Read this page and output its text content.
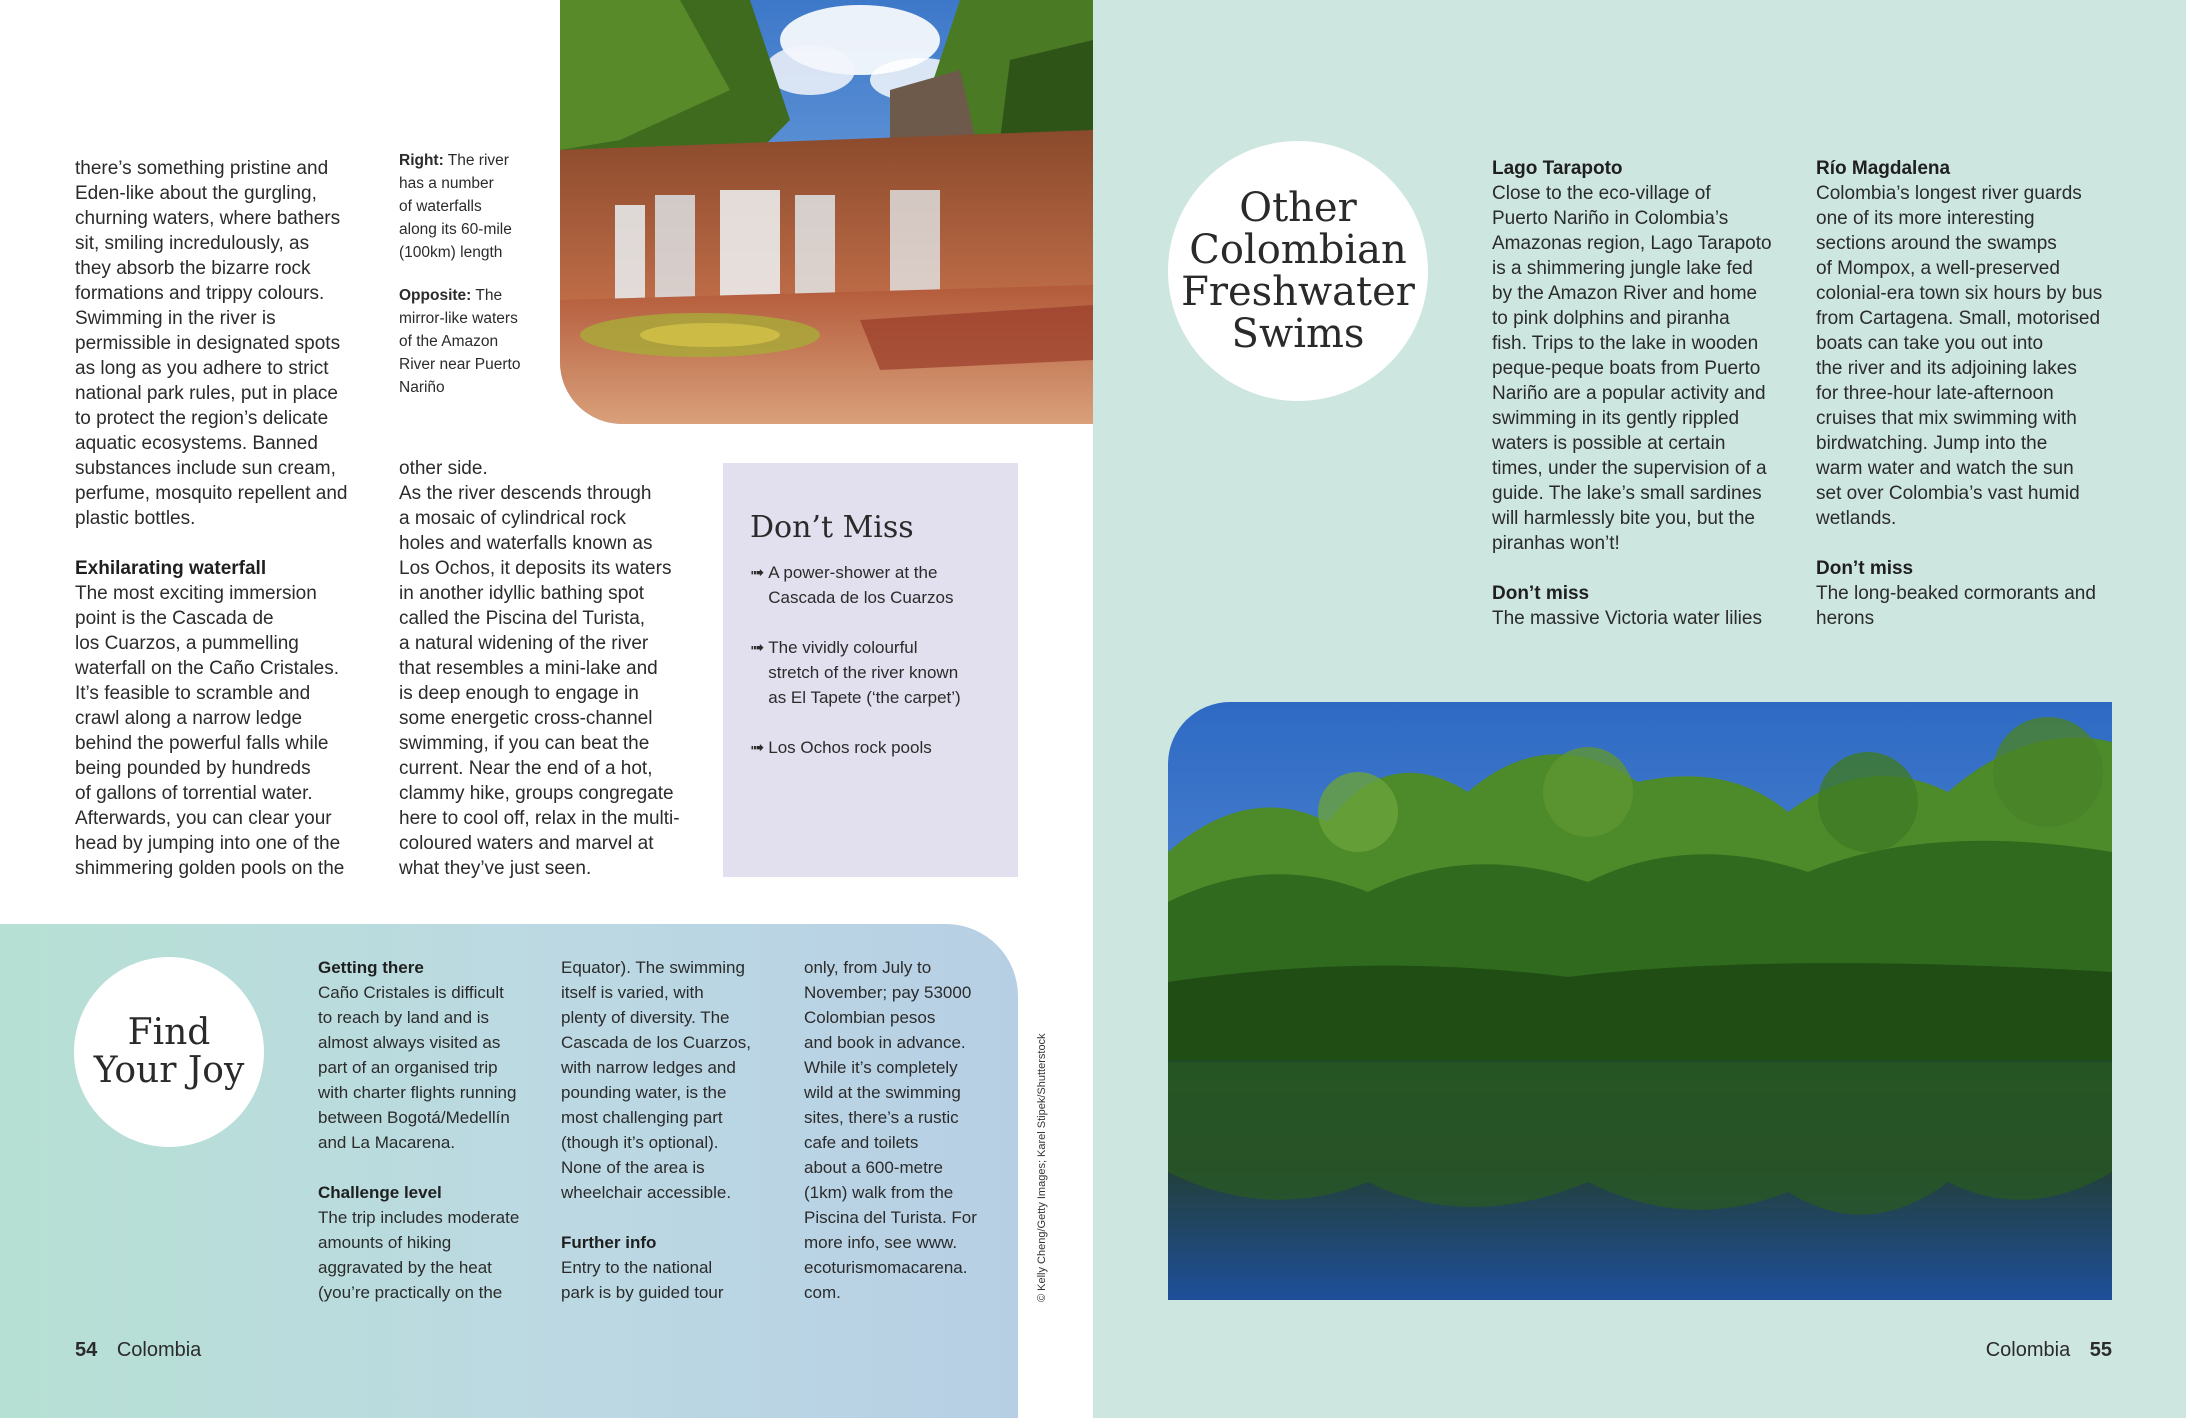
there’s something pristine and
Eden-like about the gurgling,
churning waters, where bathers
sit, smiling incredulously, as
they absorb the bizarre rock
formations and trippy colours.
Swimming in the river is
permissible in designated spots
as long as you adhere to strict
national park rules, put in place
to protect the region’s delicate
aquatic ecosystems. Banned
substances include sun cream,
perfume, mosquito repellent and
plastic bottles.

Exhilarating waterfall

The most exciting immersion
point is the Cascada de
los Cuarzos, a pummelling
waterfall on the Caño Cristales.
It’s feasible to scramble and
crawl along a narrow ledge
behind the powerful falls while
being pounded by hundreds
of gallons of torrential water.
Afterwards, you can clear your
head by jumping into one of the
shimmering golden pools on the

Right: The river
has a number
of waterfalls
along its 60-mile
(100km) length

Opposite: The
mirror-like waters
of the Amazon
River near Puerto
Nariño

other side.
As the river descends through
a mosaic of cylindrical rock
holes and waterfalls known as
Los Ochos, it deposits its waters
in another idyllic bathing spot
called the Piscina del Turista,
a natural widening of the river
that resembles a mini-lake and
is deep enough to engage in
some energetic cross-channel
swimming, if you can beat the
current. Near the end of a hot,
clammy hike, groups congregate
here to cool off, relax in the multi-
coloured waters and marvel at
what they’ve just seen.

Don’t Miss

➟ A power-shower at the
Cascada de los Cuarzos

➟ The vividly colourful
stretch of the river known
as El Tapete (‘the carpet’)

➟ Los Ochos rock pools

Find
Your Joy

Getting there

Caño Cristales is difficult
to reach by land and is
almost always visited as
part of an organised trip
with charter flights running
between Bogotá/Medellín
and La Macarena.

Challenge level

The trip includes moderate
amounts of hiking
aggravated by the heat
(you’re practically on the

Equator). The swimming
itself is varied, with
plenty of diversity. The
Cascada de los Cuarzos,
with narrow ledges and
pounding water, is the
most challenging part
(though it’s optional).
None of the area is
wheelchair accessible.

Further info

Entry to the national
park is by guided tour

only, from July to
November; pay 53000
Colombian pesos
and book in advance.
While it’s completely
wild at the swimming
sites, there’s a rustic
cafe and toilets
about a 600-metre
(1km) walk from the
Piscina del Turista. For
more info, see www.
ecoturismomacarena.
com.	© Kelly Cheng/Getty Images; Karel Stipek/Shutterstock
54 Colombia
Other
Colombian
Freshwater
Swims

Lago Tarapoto

Close to the eco-village of
Puerto Nariño in Colombia’s
Amazonas region, Lago Tarapoto
is a shimmering jungle lake fed
by the Amazon River and home
to pink dolphins and piranha
fish. Trips to the lake in wooden
peque-peque boats from Puerto
Nariño are a popular activity and
swimming in its gently rippled
waters is possible at certain
times, under the supervision of a
guide. The lake’s small sardines
will harmlessly bite you, but the
piranhas won’t!

Don’t miss

The massive Victoria water lilies

Río Magdalena

Colombia’s longest river guards
one of its more interesting
sections around the swamps
of Mompox, a well-preserved
colonial-era town six hours by bus
from Cartagena. Small, motorised
boats can take you out into
the river and its adjoining lakes
for three-hour late-afternoon
cruises that mix swimming with
birdwatching. Jump into the
warm water and watch the sun
set over Colombia’s vast humid
wetlands.

Don’t miss

The long-beaked cormorants and
herons

Colombia 55
